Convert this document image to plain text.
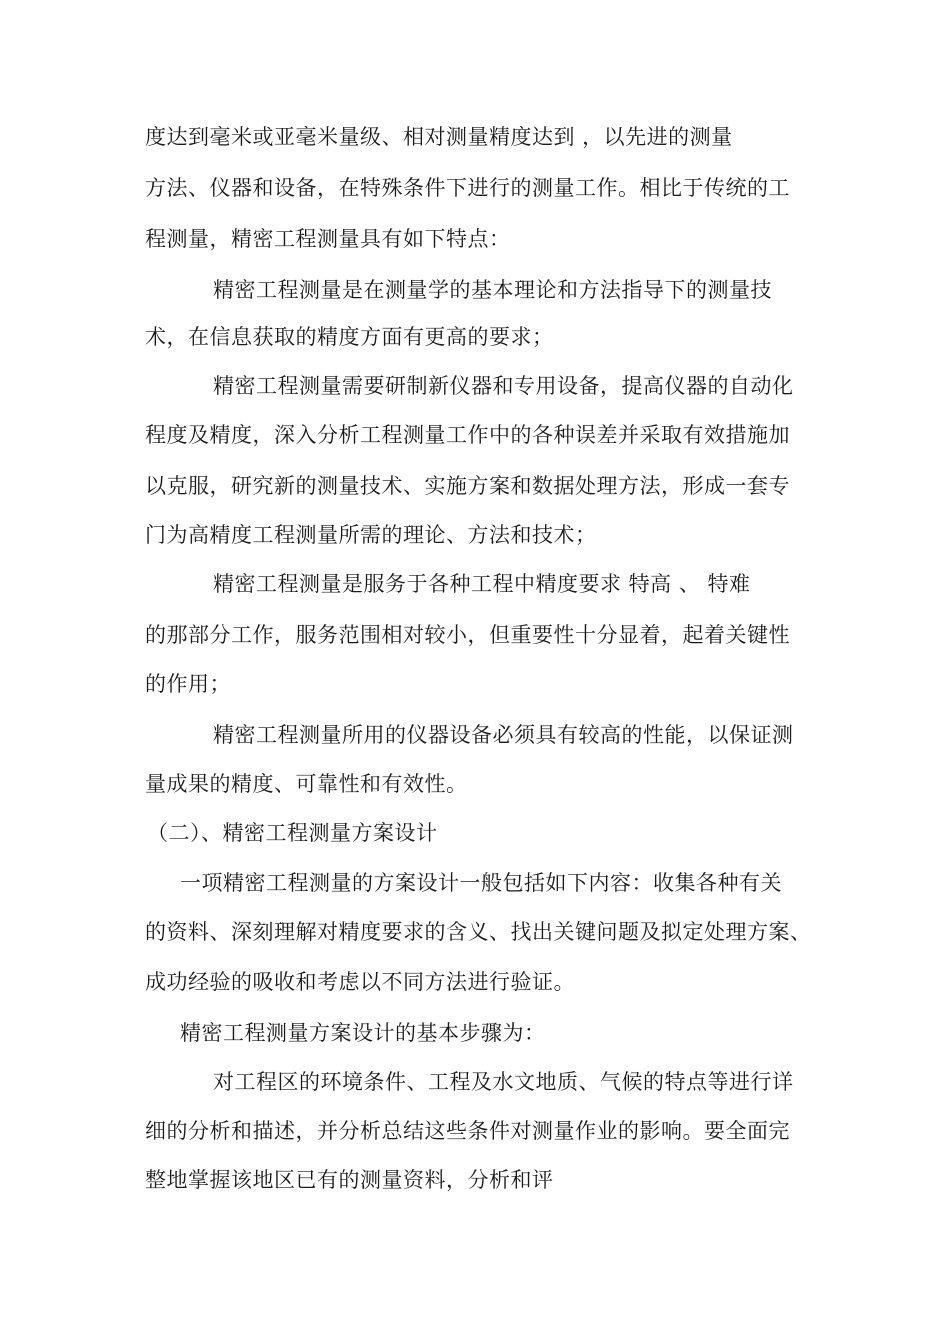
度达到毫米或亚毫米量级、相对测量精度达到 ，以先进的测量
方法、仪器和设备，在特殊条件下进行的测量工作。相比于传统的工
程测量，精密工程测量具有如下特点：
精密工程测量是在测量学的基本理论和方法指导下的测量技
术，在信息获取的精度方面有更高的要求；
精密工程测量需要研制新仪器和专用设备，提高仪器的自动化
程度及精度，深入分析工程测量工作中的各种误差并采取有效措施加
以克服，研究新的测量技术、实施方案和数据处理方法，形成一套专
门为高精度工程测量所需的理论、方法和技术；
精密工程测量是服务于各种工程中精度要求 特高 、 特难
的那部分工作，服务范围相对较小，但重要性十分显着，起着关键性
的作用；
精密工程测量所用的仪器设备必须具有较高的性能，以保证测
量成果的精度、可靠性和有效性。
（二）、精密工程测量方案设计
一项精密工程测量的方案设计一般包括如下内容：收集各种有关
的资料、深刻理解对精度要求的含义、找出关键问题及拟定处理方案、
成功经验的吸收和考虑以不同方法进行验证。
精密工程测量方案设计的基本步骤为：
对工程区的环境条件、工程及水文地质、气候的特点等进行详
细的分析和描述，并分析总结这些条件对测量作业的影响。要全面完
整地掌握该地区已有的测量资料，分析和评
